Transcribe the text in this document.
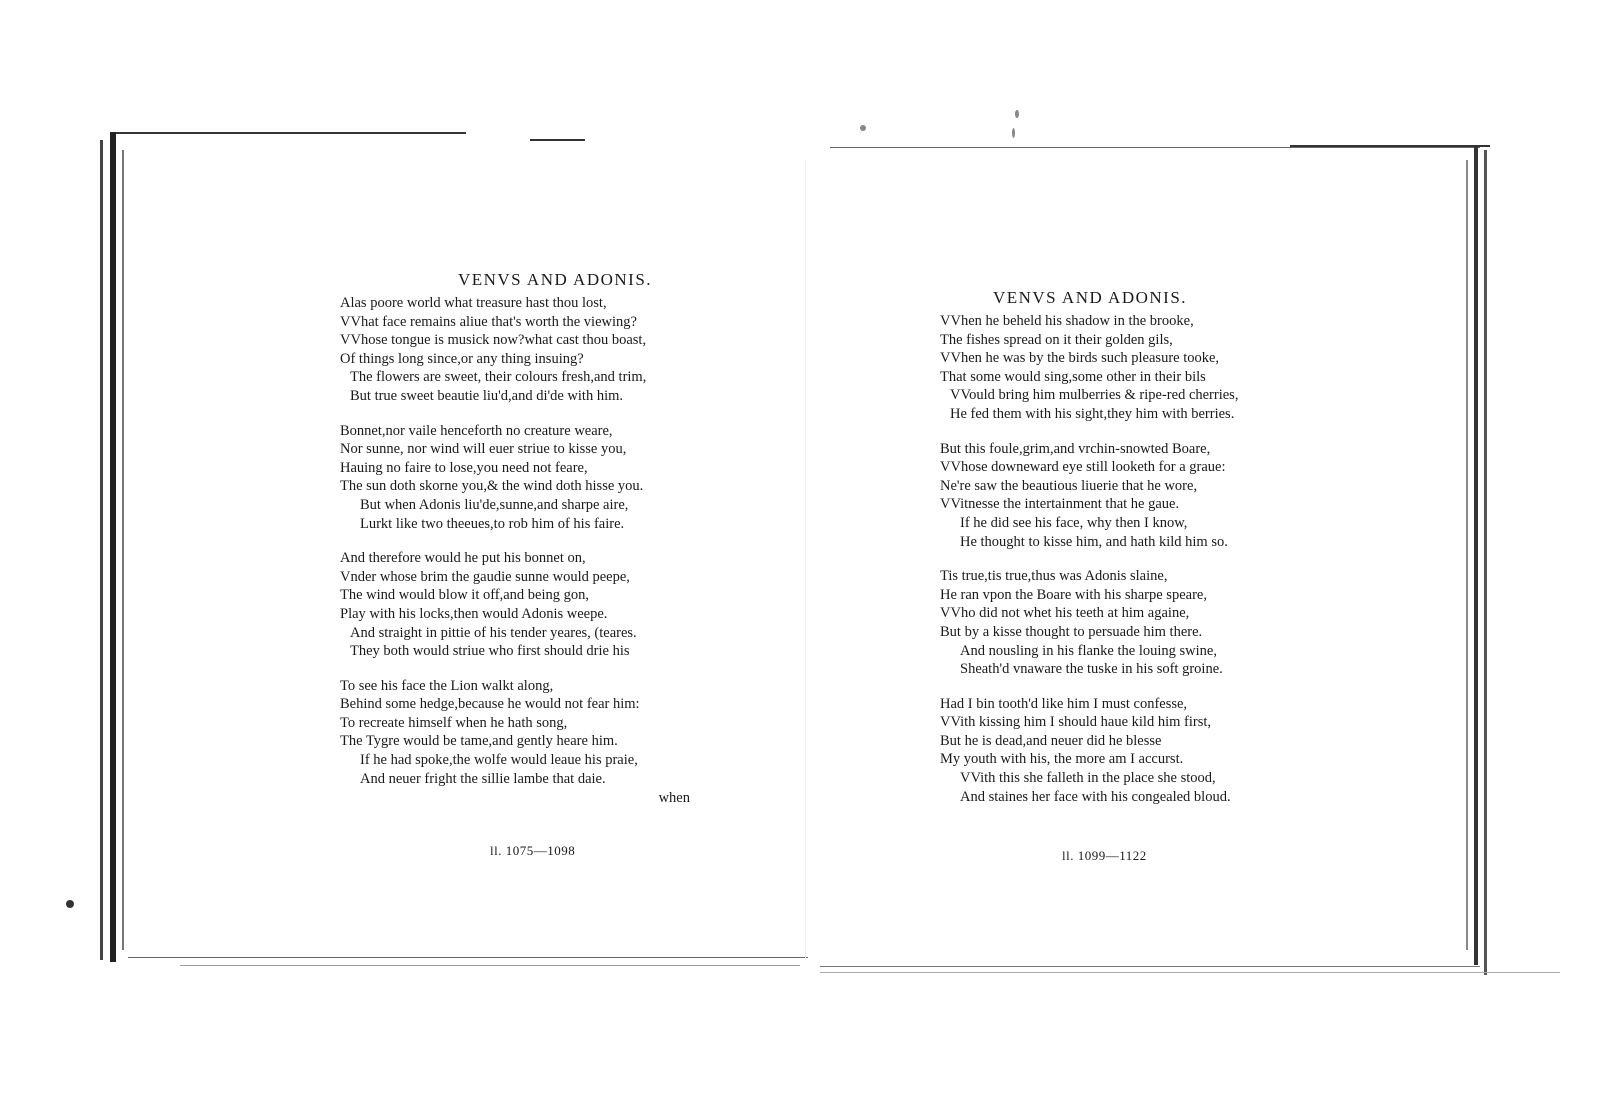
VENVS AND ADONIS.
Alas poore world what treasure hast thou lost,
VVhat face remains aliue that's worth the viewing?
VVhose tongue is musick now?what cast thou boast,
Of things long since,or any thing insuing?
The flowers are sweet, their colours fresh,and trim,
But true sweet beautie liu'd,and di'de with him.
Bonnet,nor vaile henceforth no creature weare,
Nor sunne, nor wind will euer striue to kisse you,
Hauing no faire to lose,you need not feare,
The sun doth skorne you,& the wind doth hisse you.
But when Adonis liu'de,sunne,and sharpe aire,
Lurkt like two theeues,to rob him of his faire.
And therefore would he put his bonnet on,
Vnder whose brim the gaudie sunne would peepe,
The wind would blow it off,and being gon,
Play with his locks,then would Adonis weepe.
And straight in pittie of his tender yeares, (teares.
They both would striue who first should drie his
To see his face the Lion walkt along,
Behind some hedge,because he would not fear him:
To recreate himself when he hath song,
The Tygre would be tame,and gently heare him.
If he had spoke,the wolfe would leaue his praie,
And neuer fright the sillie lambe that daie.
when
ll. 1075—1098
VENVS AND ADONIS.
VVhen he beheld his shadow in the brooke,
The fishes spread on it their golden gils,
VVhen he was by the birds such pleasure tooke,
That some would sing,some other in their bils
VVould bring him mulberries & ripe-red cherries,
He fed them with his sight,they him with berries.
But this foule,grim,and vrchin-snowted Boare,
VVhose downeward eye still looketh for a graue:
Ne're saw the beautious liuerie that he wore,
VVitnesse the intertainment that he gaue.
If he did see his face, why then I know,
He thought to kisse him, and hath kild him so.
Tis true,tis true,thus was Adonis slaine,
He ran vpon the Boare with his sharpe speare,
VVho did not whet his teeth at him againe,
But by a kisse thought to persuade him there.
And nousling in his flanke the louing swine,
Sheath'd vnaware the tuske in his soft groine.
Had I bin tooth'd like him I must confesse,
VVith kissing him I should haue kild him first,
But he is dead,and neuer did he blesse
My youth with his, the more am I accurst.
VVith this she falleth in the place she stood,
And staines her face with his congealed bloud.
ll. 1099—1122
